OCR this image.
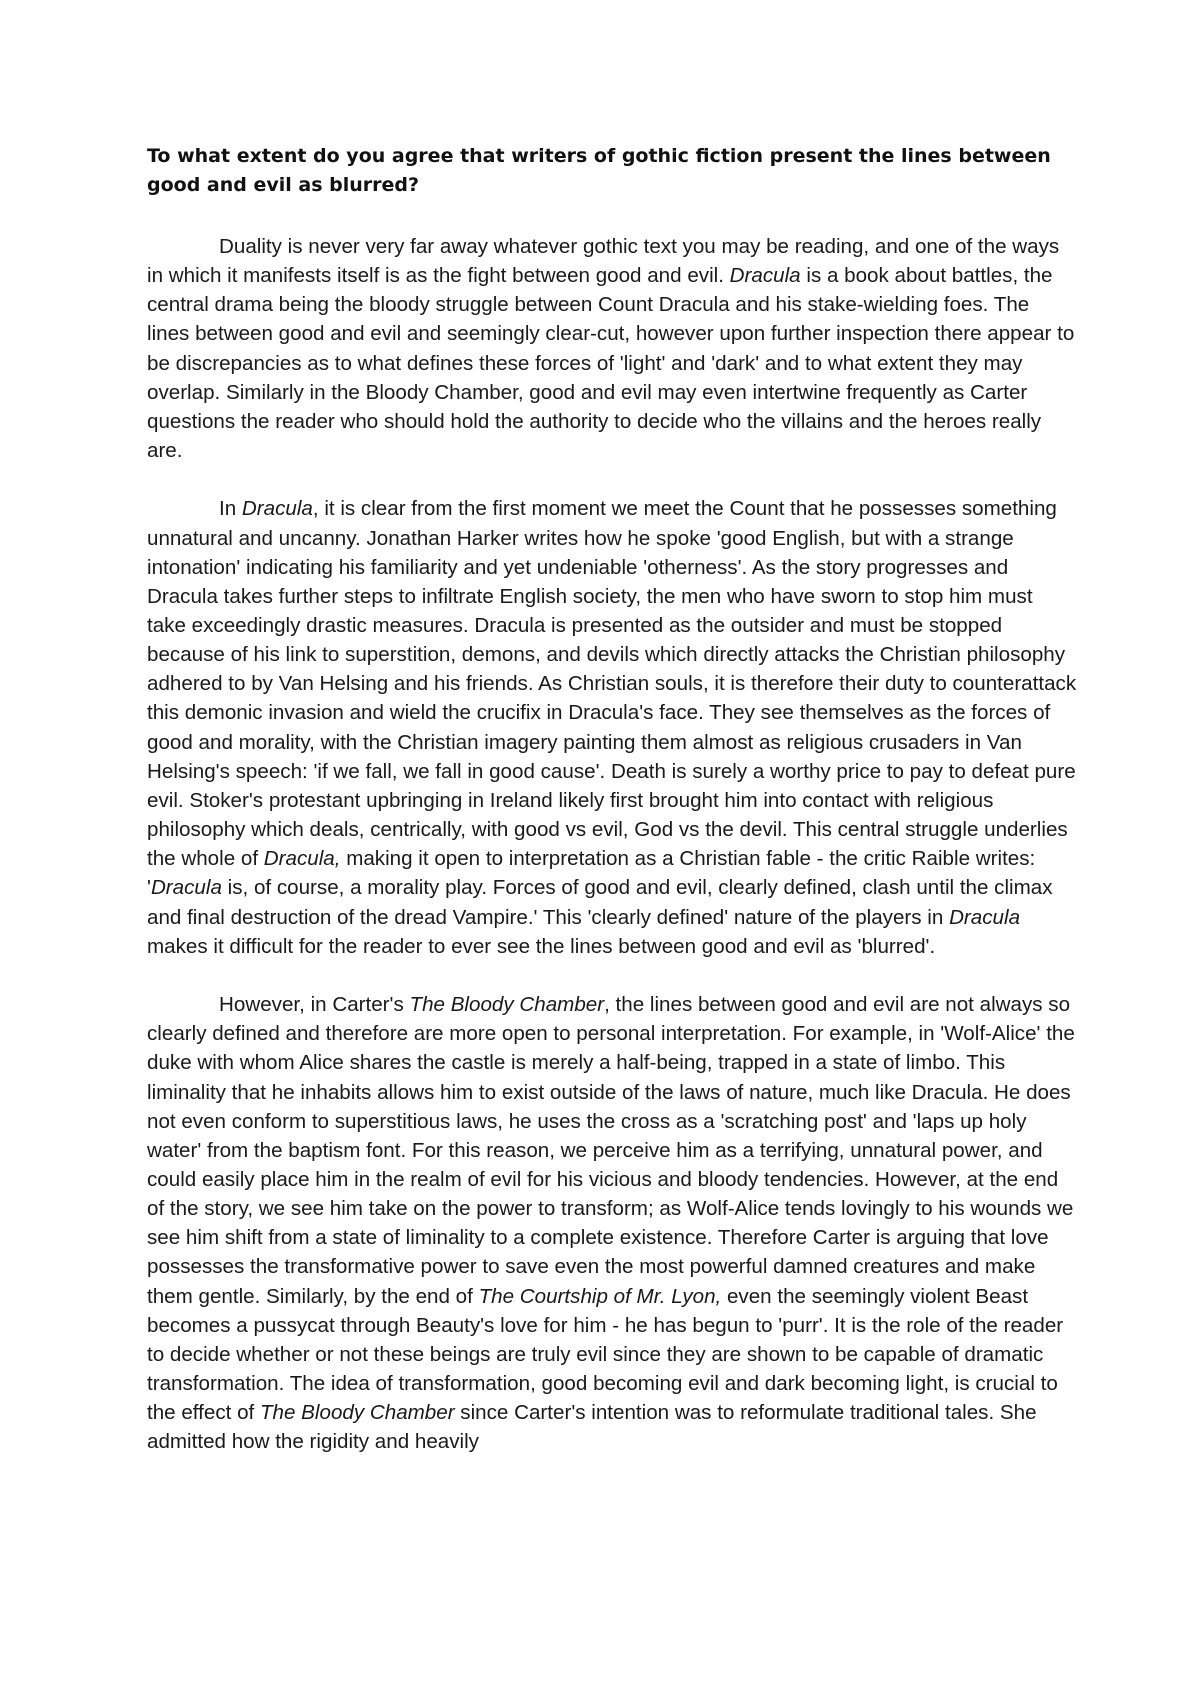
To what extent do you agree that writers of gothic fiction present the lines between good and evil as blurred?

Duality is never very far away whatever gothic text you may be reading, and one of the ways in which it manifests itself is as the fight between good and evil. Dracula is a book about battles, the central drama being the bloody struggle between Count Dracula and his stake-wielding foes. The lines between good and evil and seemingly clear-cut, however upon further inspection there appear to be discrepancies as to what defines these forces of 'light' and 'dark' and to what extent they may overlap. Similarly in the Bloody Chamber, good and evil may even intertwine frequently as Carter questions the reader who should hold the authority to decide who the villains and the heroes really are.

In Dracula, it is clear from the first moment we meet the Count that he possesses something unnatural and uncanny. Jonathan Harker writes how he spoke 'good English, but with a strange intonation' indicating his familiarity and yet undeniable 'otherness'. As the story progresses and Dracula takes further steps to infiltrate English society, the men who have sworn to stop him must take exceedingly drastic measures. Dracula is presented as the outsider and must be stopped because of his link to superstition, demons, and devils which directly attacks the Christian philosophy adhered to by Van Helsing and his friends. As Christian souls, it is therefore their duty to counterattack this demonic invasion and wield the crucifix in Dracula's face. They see themselves as the forces of good and morality, with the Christian imagery painting them almost as religious crusaders in Van Helsing's speech: 'if we fall, we fall in good cause'. Death is surely a worthy price to pay to defeat pure evil. Stoker's protestant upbringing in Ireland likely first brought him into contact with religious philosophy which deals, centrically, with good vs evil, God vs the devil. This central struggle underlies the whole of Dracula, making it open to interpretation as a Christian fable - the critic Raible writes: 'Dracula is, of course, a morality play. Forces of good and evil, clearly defined, clash until the climax and final destruction of the dread Vampire.' This 'clearly defined' nature of the players in Dracula makes it difficult for the reader to ever see the lines between good and evil as 'blurred'.

However, in Carter's The Bloody Chamber, the lines between good and evil are not always so clearly defined and therefore are more open to personal interpretation. For example, in 'Wolf-Alice' the duke with whom Alice shares the castle is merely a half-being, trapped in a state of limbo. This liminality that he inhabits allows him to exist outside of the laws of nature, much like Dracula. He does not even conform to superstitious laws, he uses the cross as a 'scratching post' and 'laps up holy water' from the baptism font. For this reason, we perceive him as a terrifying, unnatural power, and could easily place him in the realm of evil for his vicious and bloody tendencies. However, at the end of the story, we see him take on the power to transform; as Wolf-Alice tends lovingly to his wounds we see him shift from a state of liminality to a complete existence. Therefore Carter is arguing that love possesses the transformative power to save even the most powerful damned creatures and make them gentle. Similarly, by the end of The Courtship of Mr. Lyon, even the seemingly violent Beast becomes a pussycat through Beauty's love for him - he has begun to 'purr'. It is the role of the reader to decide whether or not these beings are truly evil since they are shown to be capable of dramatic transformation. The idea of transformation, good becoming evil and dark becoming light, is crucial to the effect of The Bloody Chamber since Carter's intention was to reformulate traditional tales. She admitted how the rigidity and heavily
